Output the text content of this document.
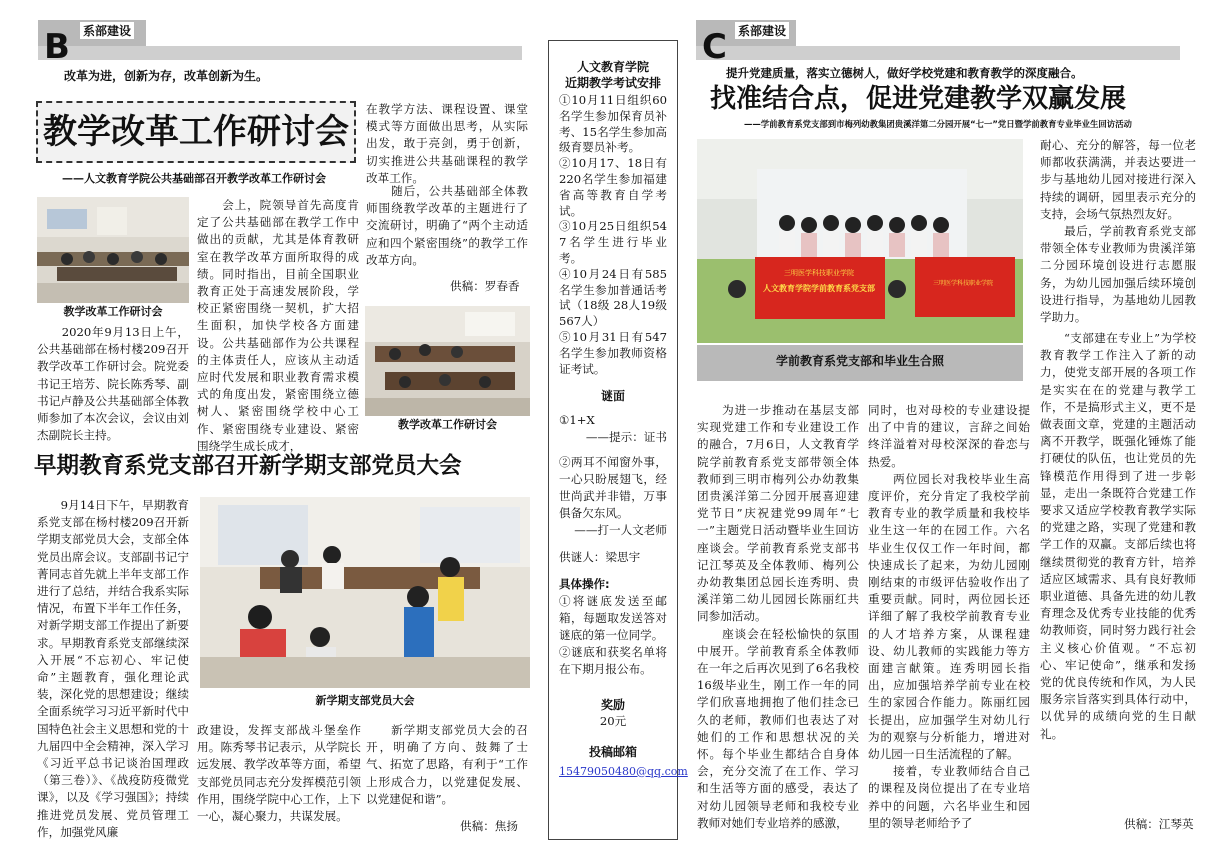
B 系部建设
改革为进，创新为存，改革创新为生。
教学改革工作研讨会
——人文教育学院公共基础部召开教学改革工作研讨会
教学改革工作研讨会
　　2020年9月13日上午，公共基础部在杨村楼209召开教学改革工作研讨会。院党委书记王培芳、院长陈秀琴、副书记卢静及公共基础部全体教师参加了本次会议，会议由刘杰副院长主持。
　　会上，院领导首先高度肯定了公共基础部在教学工作中做出的贡献，尤其是体育教研室在教学改革方面所取得的成绩。同时指出，目前全国职业教育正处于高速发展阶段，学校正紧密围绕一契机，扩大招生面积，加快学校各方面建设。公共基础部作为公共课程的主体责任人，应该从主动适应时代发展和职业教育需求模式的角度出发，紧密围绕立德树人、紧密围绕学校中心工作、紧密围绕专业建设、紧密围绕学生成长成才，
在教学方法、课程设置、课堂模式等方面做出思考，从实际出发，敢于亮剑，勇于创新，切实推进公共基础课程的教学改革工作。
　　随后，公共基础部全体教师围绕教学改革的主题进行了交流研讨，明确了“两个主动适应和四个紧密围绕”的教学工作改革方向。
供稿：罗春香
教学改革工作研讨会
早期教育系党支部召开新学期支部党员大会
　　9月14日下午，早期教育系党支部在杨村楼209召开新学期支部党员大会，支部全体党员出席会议。支部副书记宁菁同志首先就上半年支部工作进行了总结，并结合我系实际情况，布置下半年工作任务，对新学期支部工作提出了新要求。早期教育系党支部继续深入开展“不忘初心、牢记使命”主题教育，强化理论武装，深化党的思想建设；继续全面系统学习习近平新时代中国特色社会主义思想和党的十九届四中全会精神，深入学习《习近平总书记谈治国理政（第三卷）》、《战疫防疫微党课》，以及《学习强国》；持续推进党员发展、党员管理工作，加强党风廉
新学期支部党员大会
政建设，发挥支部战斗堡垒作用。陈秀琴书记表示，从学院长远发展、教学改革等方面，希望支部党员同志充分发挥模范引领作用，围绕学院中心工作，上下一心，凝心聚力，共谋发展。
　　新学期支部党员大会的召开，明确了方向、鼓舞了士气、拓宽了思路，有利于“工作上形成合力，以党建促发展、以党建促和谐”。
供稿：焦扬
人文教育学院
近期教学考试安排

①10月11日组织60名学生参加保育员补考、15名学生参加高级育婴员补考。
②10月17、18日有220名学生参加福建省高等教育自学考试。
③10月25日组织547名学生进行毕业考。
④10月24日有585名学生参加普通话考试（18级 28人19级567人）
⑤10月31日有547名学生参加教师资格证考试。

谜面

①1+X

——提示：证书

②两耳不闻窗外事，一心只盼展翅飞，经世尚武并非错，万事俱备欠东风。

——打一人文老师

供谜人：梁思宇

具体操作:

①将谜底发送至邮箱，每题取发送答对谜底的第一位同学。
②谜底和获奖名单将在下期月报公布。

奖励
20元
投稿邮箱
15479050480@qq.com
C 系部建设
提升党建质量，落实立德树人，做好学校党建和教育教学的深度融合。
找准结合点，促进党建教学双赢发展
——学前教育系党支部到市梅列幼教集团贵溪洋第二分园开展“七一”党日暨学前教育专业毕业生回访活动
三明医学科技职业学院
人文教育学院学前教育系党支部
三明医学科技职业学院
学前教育系党支部和毕业生合照
　　为进一步推动在基层支部实现党建工作和专业建设工作的融合，7月6日，人文教育学院学前教育系党支部带领全体教师到三明市梅列公办幼教集团贵溪洋第二分园开展喜迎建党节日”庆祝建党99周年“七一”主题党日活动暨毕业生回访座谈会。学前教育系党支部书记江琴英及全体教师、梅列公办幼教集团总园长连秀明、贵溪洋第二幼儿园园长陈丽红共同参加活动。
　　座谈会在轻松愉快的氛围中展开。学前教育系全体教师在一年之后再次见到了6名我校16级毕业生，刚工作一年的同学们欣喜地拥抱了他们挂念已久的老师，教师们也表达了对她们的工作和思想状况的关怀。每个毕业生都结合自身体会，充分交流了在工作、学习和生活等方面的感受，表达了对幼儿园领导老师和我校专业教师对她们专业培养的感激，
同时，也对母校的专业建设提出了中肯的建议，言辞之间始终洋溢着对母校深深的眷恋与热爱。
　　两位园长对我校毕业生高度评价，充分肯定了我校学前教育专业的教学质量和我校毕业生这一年的在园工作。六名毕业生仅仅工作一年时间，都快速成长了起来，为幼儿园刚刚结束的市级评估验收作出了重要贡献。同时，两位园长还详细了解了我校学前教育专业的人才培养方案，从课程建设、幼儿教师的实践能力等方面建言献策。连秀明园长指出，应加强培养学前专业在校生的家园合作能力。陈丽红园长提出，应加强学生对幼儿行为的观察与分析能力，增进对幼儿园一日生活流程的了解。
　　接着，专业教师结合自己的课程及岗位提出了在专业培养中的问题，六名毕业生和园里的领导老师给予了
耐心、充分的解答，每一位老师都收获满满，并表达要进一步与基地幼儿园对接进行深入持续的调研，园里表示充分的支持，会场气氛热烈友好。
　　最后，学前教育系党支部带领全体专业教师为贵溪洋第二分园环境创设进行志愿服务，为幼儿园加强后续环境创设进行指导，为基地幼儿园教学助力。
　　“支部建在专业上”为学校教育教学工作注入了新的动力，使党支部开展的各项工作是实实在在的党建与教学工作，不是搞形式主义，更不是做表面文章，党建的主题活动离不开教学，既强化锤炼了能打硬仗的队伍，也让党员的先锋模范作用得到了进一步彰显，走出一条既符合党建工作要求又适应学校教育教学实际的党建之路，实现了党建和教学工作的双赢。支部后续也将继续贯彻党的教育方针，培养适应区域需求、具有良好教师职业道德、具备先进的幼儿教育理念及优秀专业技能的优秀幼教师资，同时努力践行社会主义核心价值观。“不忘初心、牢记使命”，继承和发扬党的优良传统和作风，为人民服务宗旨落实到具体行动中，以优异的成绩向党的生日献礼。
供稿：江琴英
